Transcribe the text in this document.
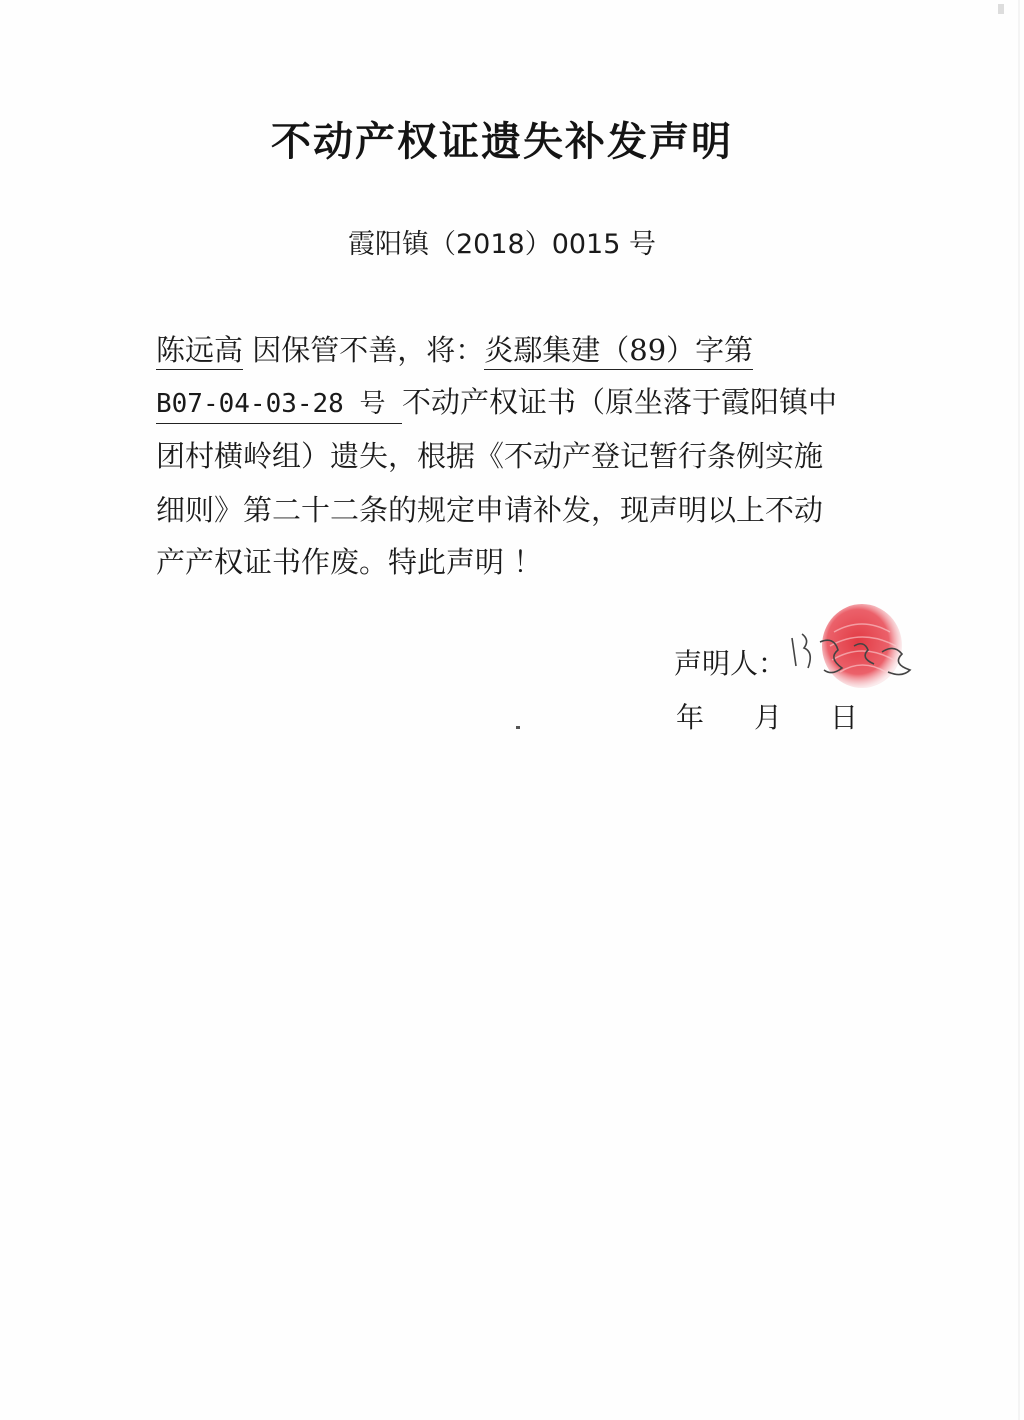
不动产权证遗失补发声明
霞阳镇（2018）0015 号
陈远高 因保管不善，将：炎鄢集建（89）字第
B07-04-03-28 号 不动产权证书（原坐落于霞阳镇中
团村横岭组）遗失，根据《不动产登记暂行条例实施
细则》第二十二条的规定申请补发，现声明以上不动
产产权证书作废。特此声明 ！
声明人：
年 月 日
